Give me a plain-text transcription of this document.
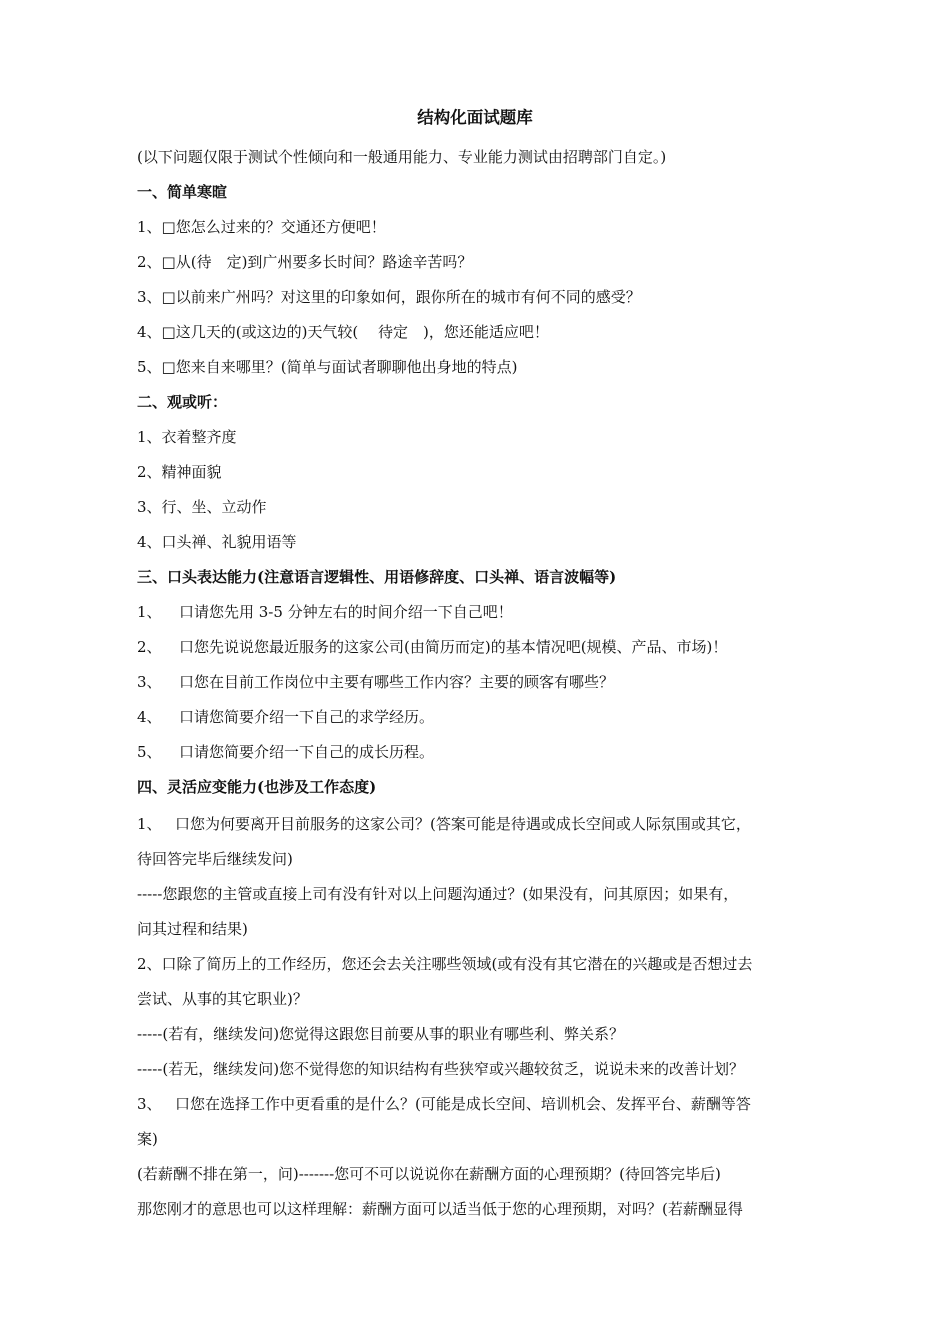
结构化面试题库
(以下问题仅限于测试个性倾向和一般通用能力、专业能力测试由招聘部门自定。)
一、简单寒暄
1、□您怎么过来的？交通还方便吧！
2、□从(待　定)到广州要多长时间？路途辛苦吗？
3、□以前来广州吗？对这里的印象如何，跟你所在的城市有何不同的感受？
4、□这几天的(或这边的)天气较(　 待定　)，您还能适应吧！
5、□您来自来哪里？(简单与面试者聊聊他出身地的特点)
二、观或听：
1、衣着整齐度
2、精神面貌
3、行、坐、立动作
4、口头禅、礼貌用语等
三、口头表达能力(注意语言逻辑性、用语修辞度、口头禅、语言波幅等)
1、 口请您先用 3-5 分钟左右的时间介绍一下自己吧！
2、 口您先说说您最近服务的这家公司(由简历而定)的基本情况吧(规模、产品、市场)！
3、 口您在目前工作岗位中主要有哪些工作内容？主要的顾客有哪些？
4、 口请您简要介绍一下自己的求学经历。
5、 口请您简要介绍一下自己的成长历程。
四、灵活应变能力(也涉及工作态度)
1、 口您为何要离开目前服务的这家公司？(答案可能是待遇或成长空间或人际氛围或其它，
待回答完毕后继续发问)
-----您跟您的主管或直接上司有没有针对以上问题沟通过？(如果没有，问其原因；如果有，
问其过程和结果)
2、口除了简历上的工作经历，您还会去关注哪些领域(或有没有其它潜在的兴趣或是否想过去
尝试、从事的其它职业)？
-----(若有，继续发问)您觉得这跟您目前要从事的职业有哪些利、弊关系？
-----(若无，继续发问)您不觉得您的知识结构有些狭窄或兴趣较贫乏，说说未来的改善计划？
3、 口您在选择工作中更看重的是什么？(可能是成长空间、培训机会、发挥平台、薪酬等答
案)
(若薪酬不排在第一，问)-------您可不可以说说你在薪酬方面的心理预期？(待回答完毕后)
那您刚才的意思也可以这样理解：薪酬方面可以适当低于您的心理预期，对吗？(若薪酬显得
